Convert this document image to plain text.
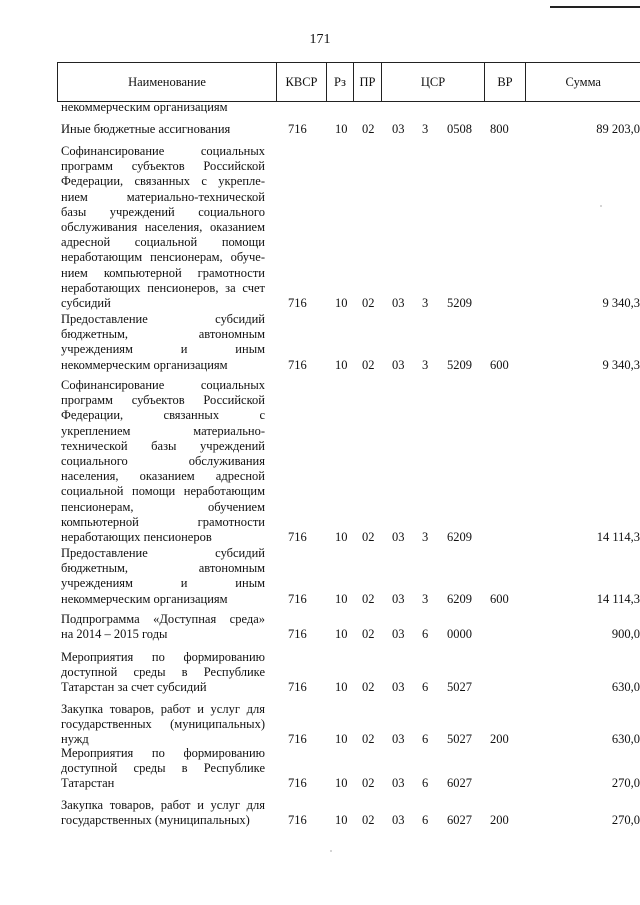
171
Наименование	КВСР	Рз	ПР	ЦСР	ВР	Сумма
некоммерческим организациям
Иные бюджетные ассигнования	716 10 02 03 3 0508 800	89 203,0
Софинансирование социальных
программ субъектов Российской
Федерации, связанных с укрепле-
нием материально-технической
базы учреждений социального
обслуживания населения, оказанием
адресной социальной помощи
неработающим пенсионерам, обуче-
нием компьютерной грамотности
неработающих пенсионеров, за счет
субсидий	716 10 02 03 3 5209	9 340,3
Предоставление субсидий
бюджетным, автономным
учреждениям и иным
некоммерческим организациям	716 10 02 03 3 5209 600	9 340,3
Софинансирование социальных
программ субъектов Российской
Федерации, связанных с
укреплением материально-
технической базы учреждений
социального обслуживания
населения, оказанием адресной
социальной помощи неработающим
пенсионерам, обучением
компьютерной грамотности
неработающих пенсионеров	716 10 02 03 3 6209	14 114,3
Предоставление субсидий
бюджетным, автономным
учреждениям и иным
некоммерческим организациям	716 10 02 03 3 6209 600	14 114,3
Подпрограмма «Доступная среда»
на 2014 – 2015 годы	716 10 02 03 6 0000	900,0
Мероприятия по формированию
доступной среды в Республике
Татарстан за счет субсидий	716 10 02 03 6 5027	630,0
Закупка товаров, работ и услуг для
государственных (муниципальных)
нужд	716 10 02 03 6 5027 200	630,0
Мероприятия по формированию
доступной среды в Республике
Татарстан	716 10 02 03 6 6027	270,0
Закупка товаров, работ и услуг для
государственных (муниципальных)	716 10 02 03 6 6027 200	270,0
